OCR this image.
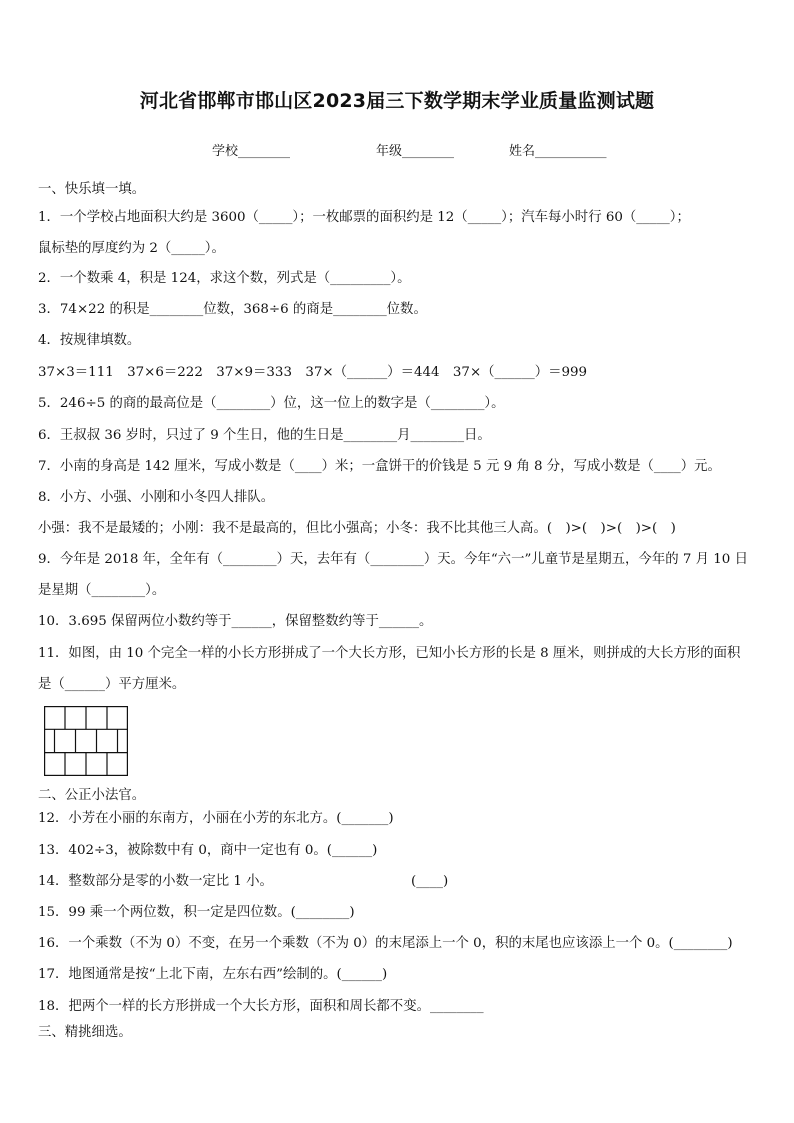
河北省邯郸市邯山区2023届三下数学期末学业质量监测试题
学校________	年级________	姓名___________
一、快乐填一填。
1．一个学校占地面积大约是 3600（_____）；一枚邮票的面积约是 12（_____）；汽车每小时行 60（_____）；
鼠标垫的厚度约为 2（_____）。
2．一个数乘 4，积是 124，求这个数，列式是（_________）。
3．74×22 的积是________位数，368÷6 的商是________位数。
4．按规律填数。
37×3＝111　37×6＝222　37×9＝333　37×（______）＝444　37×（______）＝999
5．246÷5 的商的最高位是（________）位，这一位上的数字是（________）。
6．王叔叔 36 岁时，只过了 9 个生日，他的生日是________月________日。
7．小南的身高是 142 厘米，写成小数是（____）米；一盒饼干的价钱是 5 元 9 角 8 分，写成小数是（____）元。
8．小方、小强、小刚和小冬四人排队。
小强：我不是最矮的；小刚：我不是最高的，但比小强高；小冬：我不比其他三人高。(　)>(　)>(　)>(　)
9．今年是 2018 年，全年有（________）天，去年有（________）天。今年“六一”儿童节是星期五，今年的 7 月 10 日
是星期（________）。
10．3.695 保留两位小数约等于______，保留整数约等于______。
11．如图，由 10 个完全一样的小长方形拼成了一个大长方形，已知小长方形的长是 8 厘米，则拼成的大长方形的面积
是（______）平方厘米。
二、公正小法官。
12．小芳在小丽的东南方，小丽在小芳的东北方。(_______)
13．402÷3，被除数中有 0，商中一定也有 0。(______)
14．整数部分是零的小数一定比 1 小。	(____)
15．99 乘一个两位数，积一定是四位数。(________)
16．一个乘数（不为 0）不变，在另一个乘数（不为 0）的末尾添上一个 0，积的末尾也应该添上一个 0。(________)
17．地图通常是按“上北下南，左东右西”绘制的。(______)
18．把两个一样的长方形拼成一个大长方形，面积和周长都不变。________
三、精挑细选。
